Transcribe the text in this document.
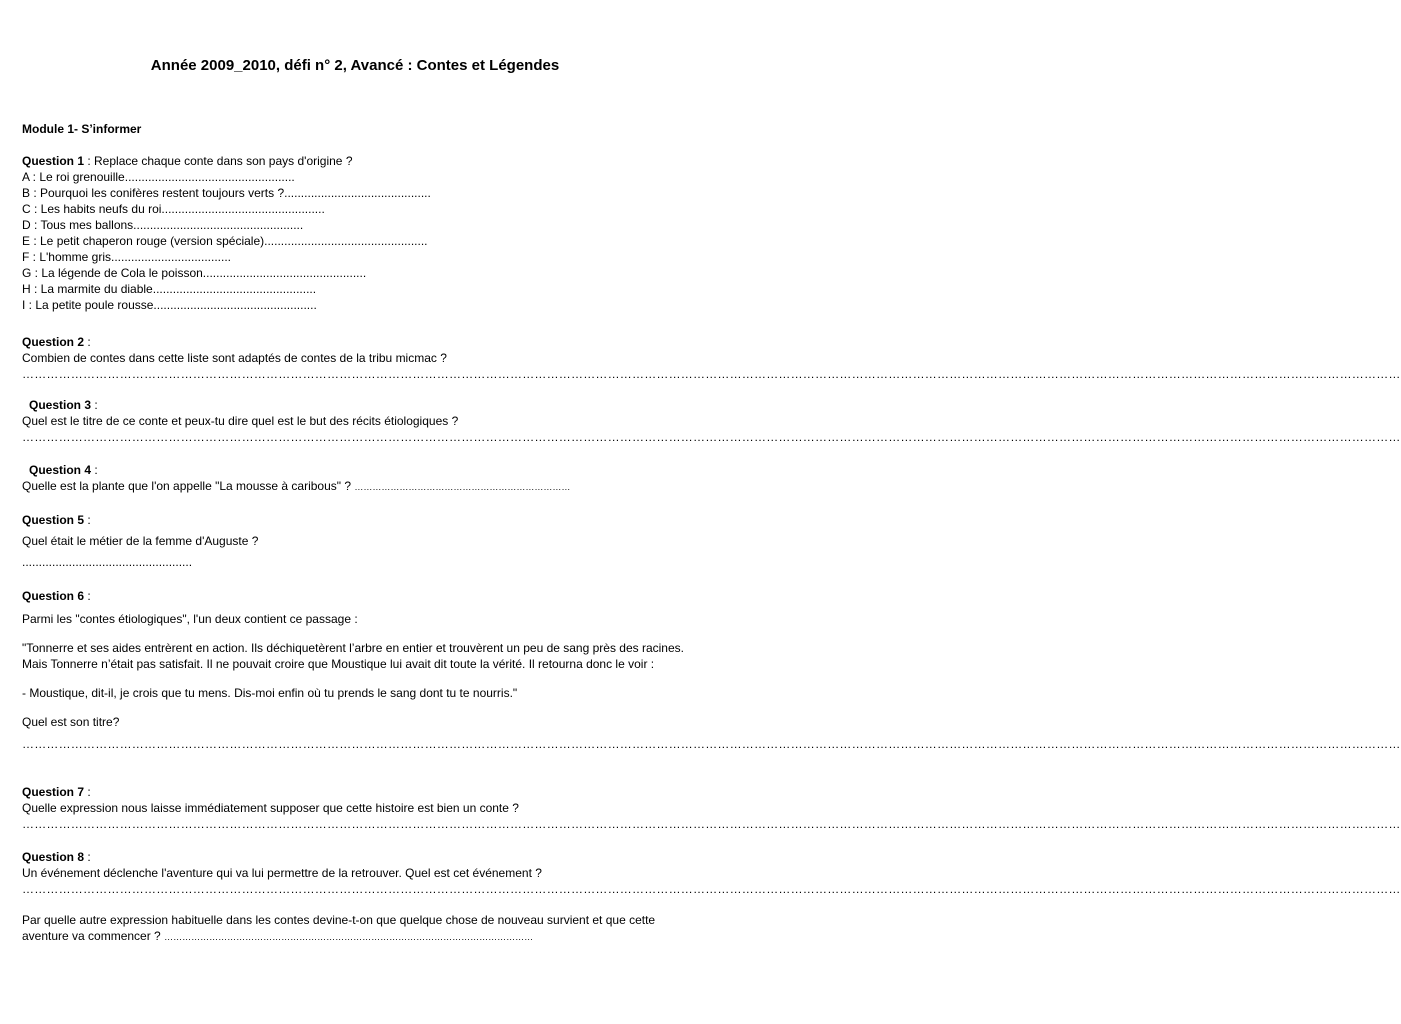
Année 2009_2010, défi n° 2, Avancé : Contes et Légendes
Module 1- S’informer
Question 1 : Replace chaque conte dans son pays d'origine ?
A : Le roi grenouille...................................................
B : Pourquoi les conifères restent toujours verts ?............................................
C : Les habits neufs du roi.................................................
D : Tous mes ballons...................................................
E : Le petit chaperon rouge (version spéciale).................................................
F : L'homme gris....................................
G : La légende de Cola le poisson.................................................
H : La marmite du diable.................................................
I : La petite poule rousse.................................................
Question 2 :
Combien de contes dans cette liste sont adaptés de contes de la tribu micmac ?
……………………………………………………………………………………………………………………………………………………………………………………………………………………………………………………………………………………………………………
Question 3 :
Quel est le titre de ce conte et peux-tu dire quel est le but des récits étiologiques ?
……………………………………………………………………………………………………………………………………………………………………………………………………………………………………………………………………………………………………………
Question 4 :
Quelle est la plante que l'on appelle "La mousse à caribous" ? ………………………………………………………………
Question 5 :
Quel était le métier de la femme d'Auguste ?
...................................................
Question 6 :
Parmi les "contes étiologiques", l'un deux contient ce passage :
"Tonnerre et ses aides entrèrent en action. Ils déchiquetèrent l’arbre en entier et trouvèrent un peu de sang près des racines. Mais Tonnerre n’était pas satisfait. Il ne pouvait croire que Moustique lui avait dit toute la vérité. Il retourna donc le voir :
- Moustique, dit-il, je crois que tu mens. Dis-moi enfin où tu prends le sang dont tu te nourris."
Quel est son titre?
……………………………………………………………………………………………………………………………………………………………………………………………………………………………………………………………………………………………………………
Question 7 :
Quelle expression nous laisse immédiatement supposer que cette histoire est bien un conte ?
……………………………………………………………………………………………………………………………………………………………………………………………………………………………………………………………………………………………………………
Question 8 :
Un événement déclenche l'aventure qui va lui permettre de la retrouver. Quel est cet événement ?
……………………………………………………………………………………………………………………………………………………………………………………………………………………………………………………………………………………………………………
Par quelle autre expression habituelle dans les contes devine-t-on que quelque chose de nouveau survient et que cette
aventure va commencer ? ……………………………………………………………………………………………………………
